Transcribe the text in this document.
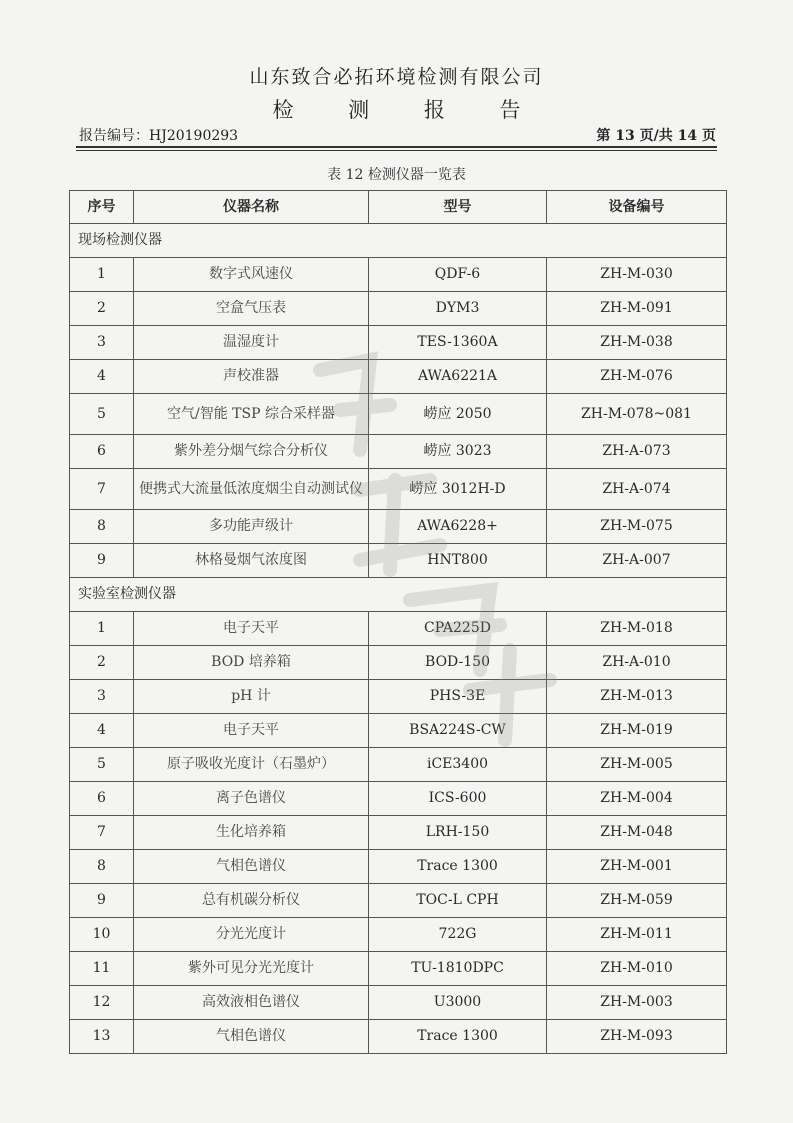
山东致合必拓环境检测有限公司
检 测 报 告
报告编号：HJ20190293	第 13 页/共 14 页
表 12 检测仪器一览表
序号	仪器名称	型号	设备编号
现场检测仪器			
1	数字式风速仪	QDF-6	ZH-M-030
2	空盒气压表	DYM3	ZH-M-091
3	温湿度计	TES-1360A	ZH-M-038
4	声校准器	AWA6221A	ZH-M-076
5	空气/智能 TSP 综合采样器	崂应 2050	ZH-M-078~081
6	紫外差分烟气综合分析仪	崂应 3023	ZH-A-073
7	便携式大流量低浓度烟尘自动测试仪	崂应 3012H-D	ZH-A-074
8	多功能声级计	AWA6228+	ZH-M-075
9	林格曼烟气浓度图	HNT800	ZH-A-007
实验室检测仪器			
1	电子天平	CPA225D	ZH-M-018
2	BOD 培养箱	BOD-150	ZH-A-010
3	pH 计	PHS-3E	ZH-M-013
4	电子天平	BSA224S-CW	ZH-M-019
5	原子吸收光度计（石墨炉）	iCE3400	ZH-M-005
6	离子色谱仪	ICS-600	ZH-M-004
7	生化培养箱	LRH-150	ZH-M-048
8	气相色谱仪	Trace 1300	ZH-M-001
9	总有机碳分析仪	TOC-L CPH	ZH-M-059
10	分光光度计	722G	ZH-M-011
11	紫外可见分光光度计	TU-1810DPC	ZH-M-010
12	高效液相色谱仪	U3000	ZH-M-003
13	气相色谱仪	Trace 1300	ZH-M-093
